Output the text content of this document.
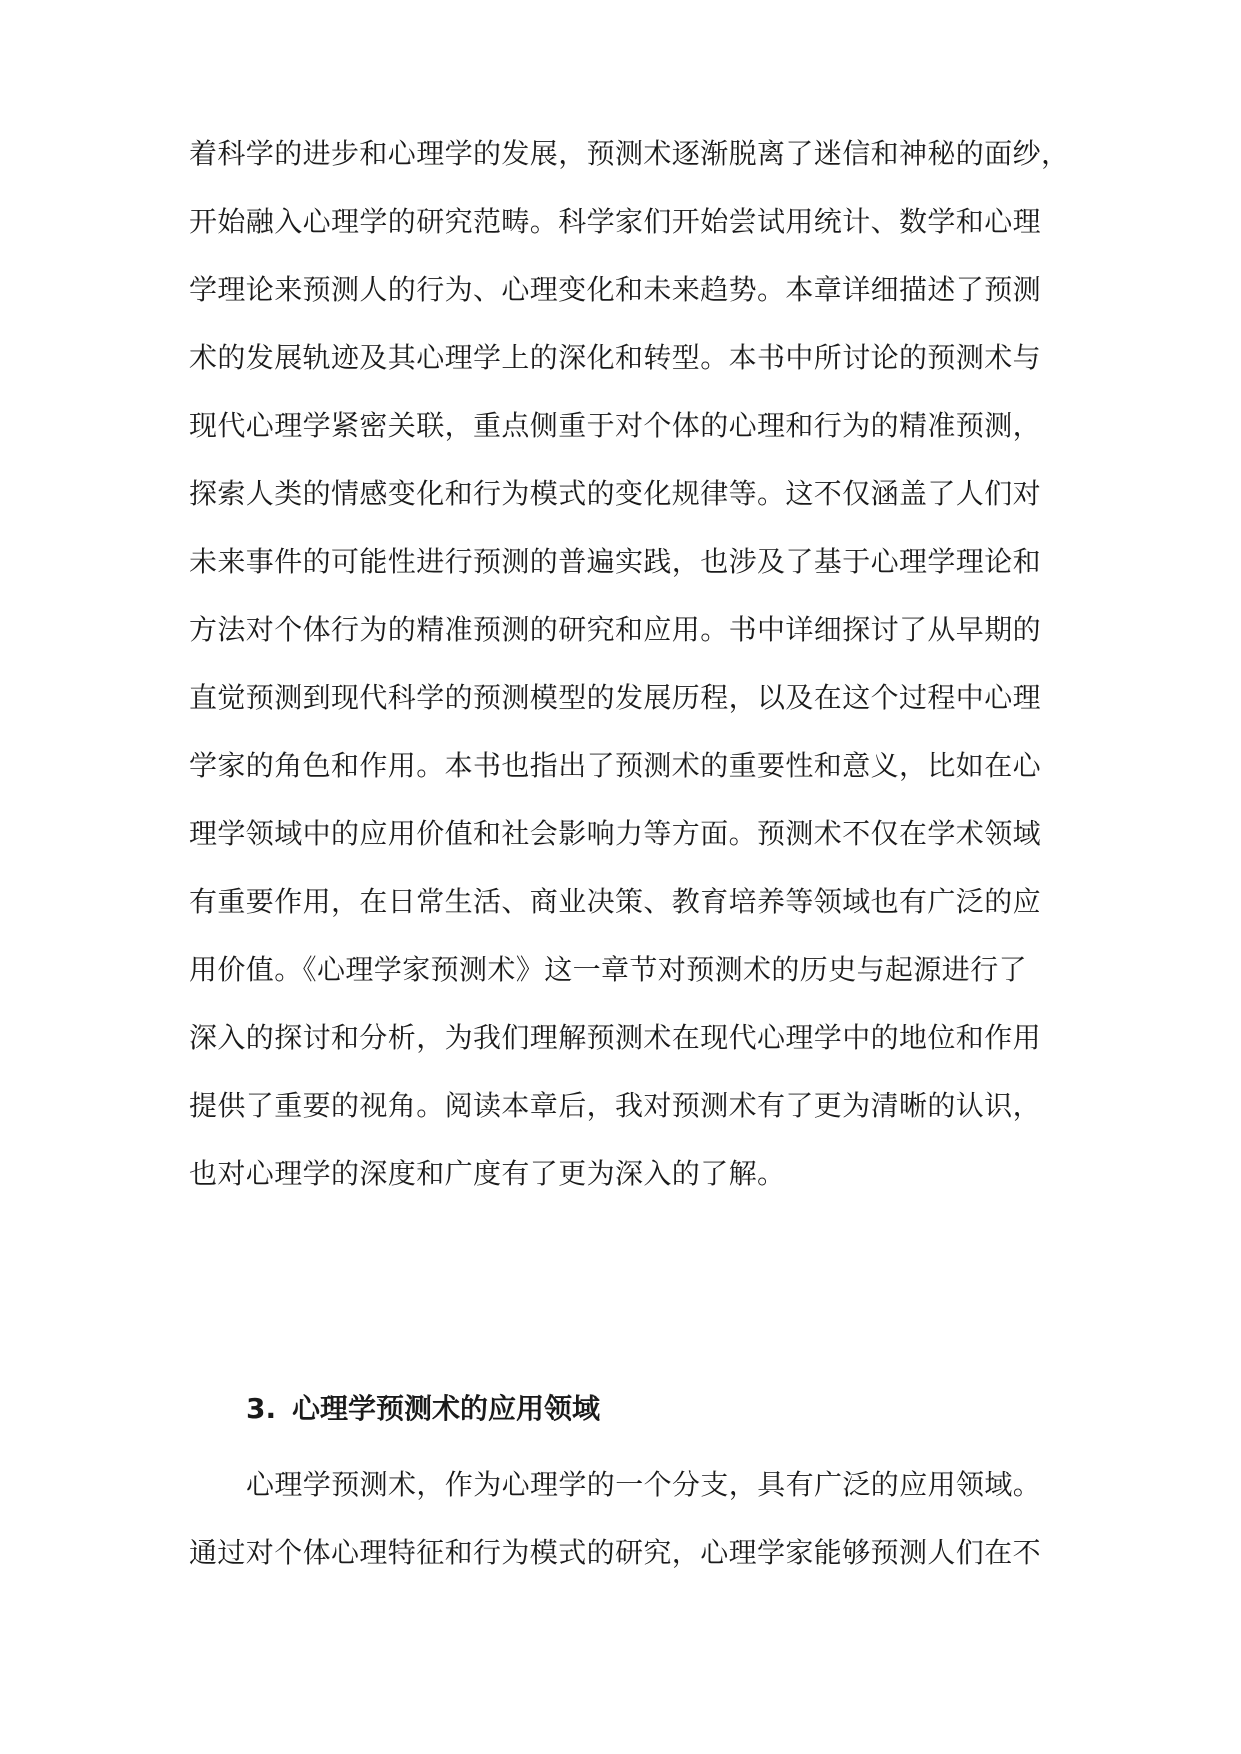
着科学的进步和心理学的发展，预测术逐渐脱离了迷信和神秘的面纱，
开始融入心理学的研究范畴。科学家们开始尝试用统计、数学和心理
学理论来预测人的行为、心理变化和未来趋势。本章详细描述了预测
术的发展轨迹及其心理学上的深化和转型。本书中所讨论的预测术与
现代心理学紧密关联，重点侧重于对个体的心理和行为的精准预测，
探索人类的情感变化和行为模式的变化规律等。这不仅涵盖了人们对
未来事件的可能性进行预测的普遍实践，也涉及了基于心理学理论和
方法对个体行为的精准预测的研究和应用。书中详细探讨了从早期的
直觉预测到现代科学的预测模型的发展历程，以及在这个过程中心理
学家的角色和作用。本书也指出了预测术的重要性和意义，比如在心
理学领域中的应用价值和社会影响力等方面。预测术不仅在学术领域
有重要作用，在日常生活、商业决策、教育培养等领域也有广泛的应
用价值。《心理学家预测术》这一章节对预测术的历史与起源进行了
深入的探讨和分析，为我们理解预测术在现代心理学中的地位和作用
提供了重要的视角。阅读本章后，我对预测术有了更为清晰的认识，
也对心理学的深度和广度有了更为深入的了解。
3. 心理学预测术的应用领域
心理学预测术，作为心理学的一个分支，具有广泛的应用领域。
通过对个体心理特征和行为模式的研究，心理学家能够预测人们在不
